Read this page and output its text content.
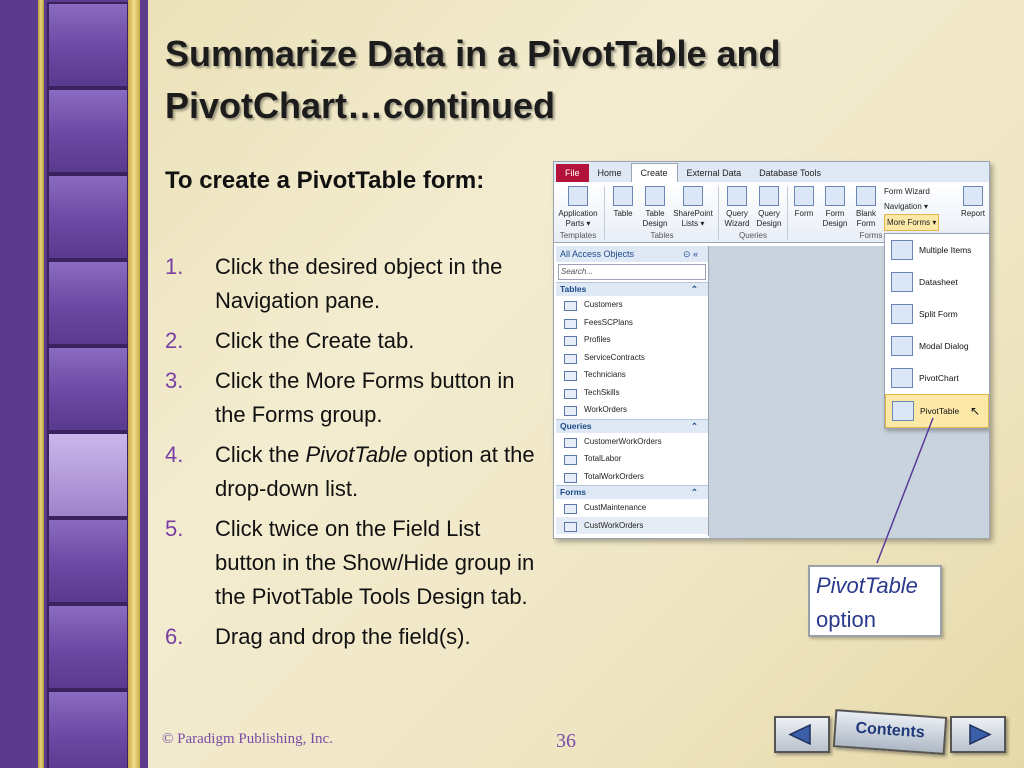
Summarize Data in a PivotTable and PivotChart…continued
To create a PivotTable form:
1. Click the desired object in the Navigation pane.
2. Click the Create tab.
3. Click the More Forms button in the Forms group.
4. Click the PivotTable option at the drop-down list.
5. Click twice on the Field List button in the Show/Hide group in the PivotTable Tools Design tab.
6. Drag and drop the field(s).
File	Home	Create	External Data	Database Tools
Application Parts ▾
Table	Table Design
SharePoint Lists ▾
Query Wizard
Query Design
Form	Form Design
Blank Form
Form Wizard
Navigation ▾
More Forms ▾
Report
Templates	Tables	Queries	Forms
All Access Objects	⊙ «
Search...
Tables	⌃
Customers
FeesSCPlans
Profiles
ServiceContracts
Technicians
TechSkills
WorkOrders
Queries	⌃
CustomerWorkOrders
TotalLabor
TotalWorkOrders
Forms	⌃
CustMaintenance
CustWorkOrders
Multiple Items
Datasheet
Split Form
Modal Dialog
PivotChart
PivotTable ↖
PivotTable
option
© Paradigm Publishing, Inc.	36	Contents
